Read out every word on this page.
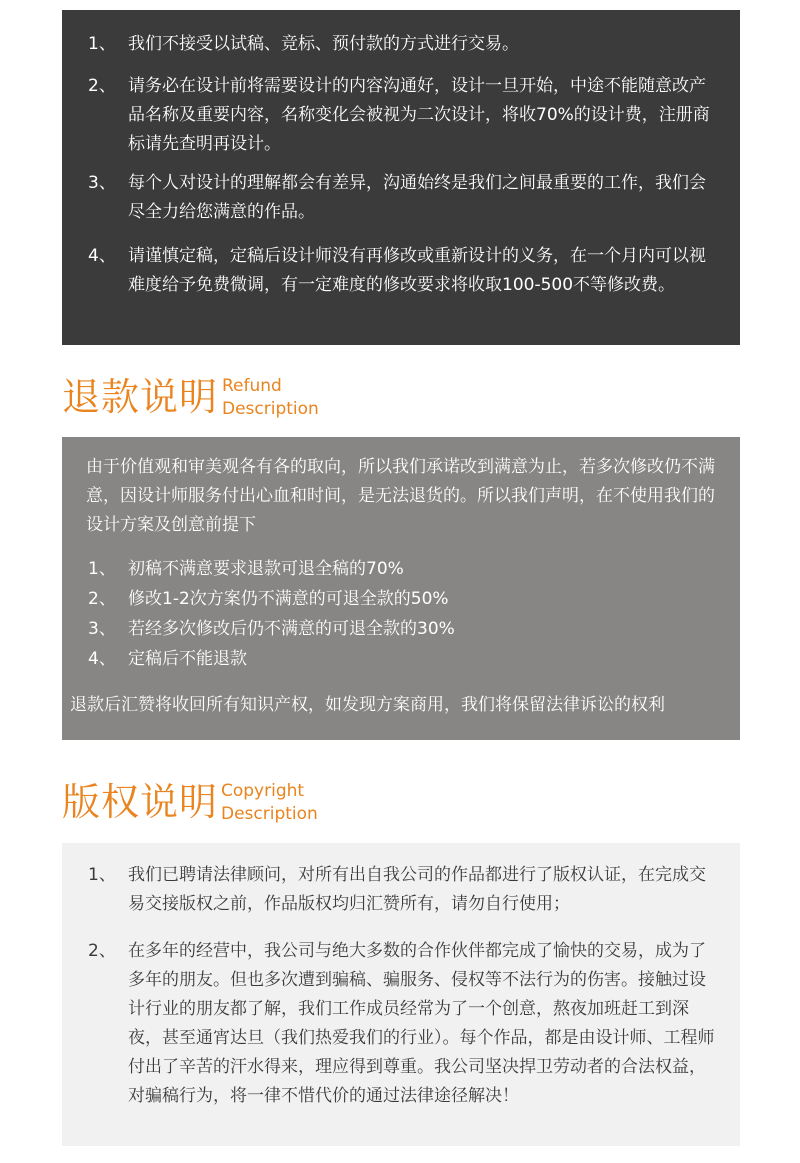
1、 我们不接受以试稿、竞标、预付款的方式进行交易。
2、 请务必在设计前将需要设计的内容沟通好，设计一旦开始，中途不能随意改产品名称及重要内容，名称变化会被视为二次设计，将收70%的设计费，注册商标请先查明再设计。
3、 每个人对设计的理解都会有差异，沟通始终是我们之间最重要的工作，我们会尽全力给您满意的作品。
4、 请谨慎定稿，定稿后设计师没有再修改或重新设计的义务，在一个月内可以视难度给予免费微调，有一定难度的修改要求将收取100-500不等修改费。
退款说明 Refund
Description
由于价值观和审美观各有各的取向，所以我们承诺改到满意为止，若多次修改仍不满意，因设计师服务付出心血和时间，是无法退货的。所以我们声明，在不使用我们的设计方案及创意前提下
1、 初稿不满意要求退款可退全稿的70%
2、 修改1-2次方案仍不满意的可退全款的50%
3、 若经多次修改后仍不满意的可退全款的30%
4、 定稿后不能退款
退款后汇赞将收回所有知识产权，如发现方案商用，我们将保留法律诉讼的权利
版权说明 Copyright
Description
1、 我们已聘请法律顾问，对所有出自我公司的作品都进行了版权认证，在完成交易交接版权之前，作品版权均归汇赞所有，请勿自行使用；
2、 在多年的经营中，我公司与绝大多数的合作伙伴都完成了愉快的交易，成为了多年的朋友。但也多次遭到骗稿、骗服务、侵权等不法行为的伤害。接触过设计行业的朋友都了解，我们工作成员经常为了一个创意，熬夜加班赶工到深夜，甚至通宵达旦（我们热爱我们的行业）。每个作品，都是由设计师、工程师付出了辛苦的汗水得来，理应得到尊重。我公司坚决捍卫劳动者的合法权益，对骗稿行为，将一律不惜代价的通过法律途径解决！
